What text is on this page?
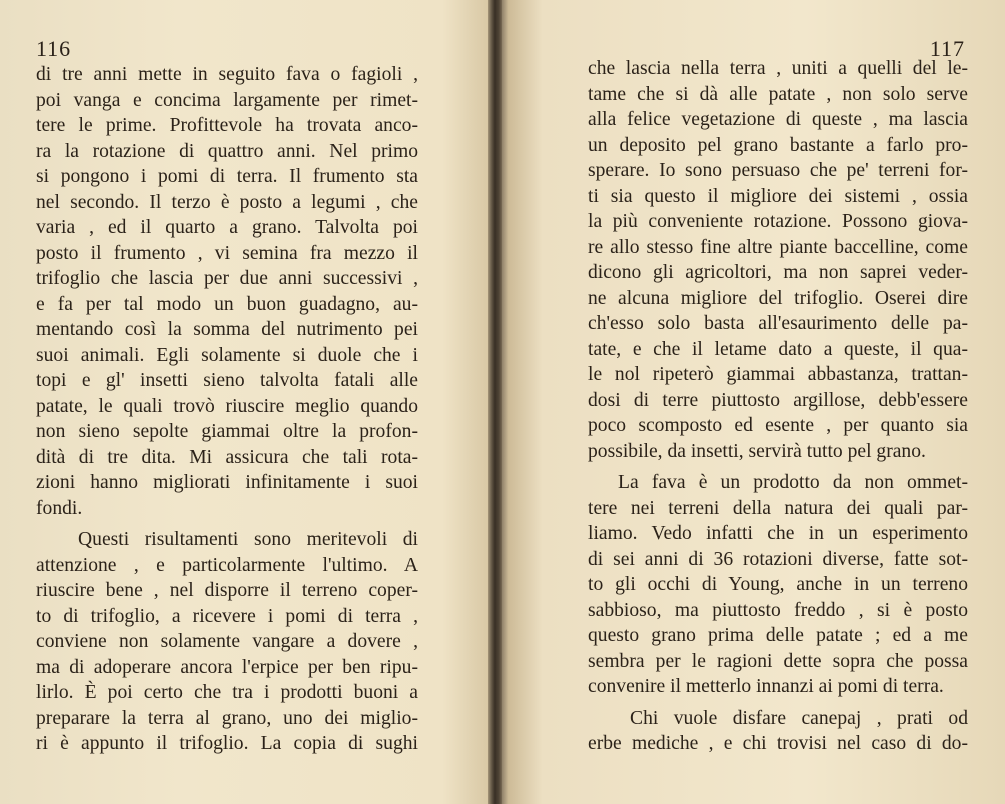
116
di tre anni mette in seguito fava o fagioli ,
poi vanga e concima largamente per rimet-
tere le prime. Profittevole ha trovata anco-
ra la rotazione di quattro anni. Nel primo
si pongono i pomi di terra. Il frumento sta
nel secondo. Il terzo è posto a legumi , che
varia , ed il quarto a grano. Talvolta poi
posto il frumento , vi semina fra mezzo il
trifoglio che lascia per due anni successivi ,
e fa per tal modo un buon guadagno, au-
mentando così la somma del nutrimento pei
suoi animali. Egli solamente si duole che i
topi e gl' insetti sieno talvolta fatali alle
patate, le quali trovò riuscire meglio quando
non sieno sepolte giammai oltre la profon-
dità di tre dita. Mi assicura che tali rota-
zioni hanno migliorati infinitamente i suoi
fondi.
Questi risultamenti sono meritevoli di
attenzione , e particolarmente l'ultimo. A
riuscire bene , nel disporre il terreno coper-
to di trifoglio, a ricevere i pomi di terra ,
conviene non solamente vangare a dovere ,
ma di adoperare ancora l'erpice per ben ripu-
lirlo. È poi certo che tra i prodotti buoni a
preparare la terra al grano, uno dei miglio-
ri è appunto il trifoglio. La copia di sughi
117
che lascia nella terra , uniti a quelli del le-
tame che si dà alle patate , non solo serve
alla felice vegetazione di queste , ma lascia
un deposito pel grano bastante a farlo pro-
sperare. Io sono persuaso che pe' terreni for-
ti sia questo il migliore dei sistemi , ossia
la più conveniente rotazione. Possono giova-
re allo stesso fine altre piante baccelline, come
dicono gli agricoltori, ma non saprei veder-
ne alcuna migliore del trifoglio. Oserei dire
ch'esso solo basta all'esaurimento delle pa-
tate, e che il letame dato a queste, il qua-
le nol ripeterò giammai abbastanza, trattan-
dosi di terre piuttosto argillose, debb'essere
poco scomposto ed esente , per quanto sia
possibile, da insetti, servirà tutto pel grano.
La fava è un prodotto da non ommet-
tere nei terreni della natura dei quali par-
liamo. Vedo infatti che in un esperimento
di sei anni di 36 rotazioni diverse, fatte sot-
to gli occhi di Young, anche in un terreno
sabbioso, ma piuttosto freddo , si è posto
questo grano prima delle patate ; ed a me
sembra per le ragioni dette sopra che possa
convenire il metterlo innanzi ai pomi di terra.
Chi vuole disfare canepaj , prati od
erbe mediche , e chi trovisi nel caso di do-
